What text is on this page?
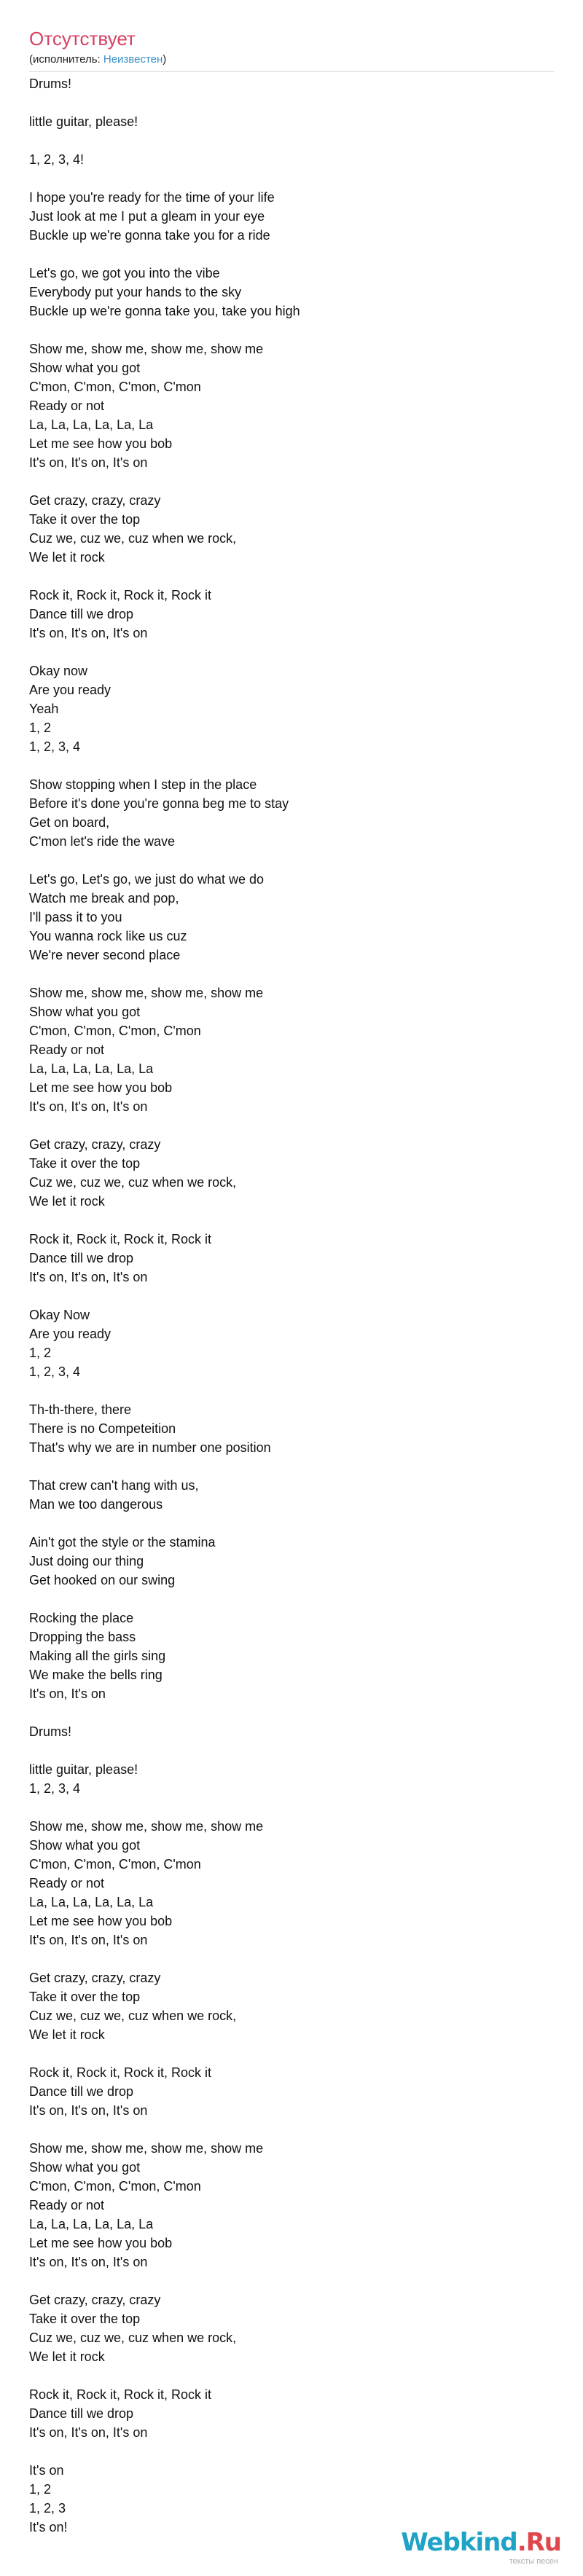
Отсутствует
(исполнитель: Неизвестен)
Drums!
little guitar, please!
1, 2, 3, 4!
I hope you're ready for the time of your life
Just look at me I put a gleam in your eye
Buckle up we're gonna take you for a ride
Let's go, we got you into the vibe
Everybody put your hands to the sky
Buckle up we're gonna take you, take you high
Show me, show me, show me, show me
Show what you got
C'mon, C'mon, C'mon, C'mon
Ready or not
La, La, La, La, La, La
Let me see how you bob
It's on, It's on, It's on
Get crazy, crazy, crazy
Take it over the top
Cuz we, cuz we, cuz when we rock,
We let it rock
Rock it, Rock it, Rock it, Rock it
Dance till we drop
It's on, It's on, It's on
Okay now
Are you ready
Yeah
1, 2
1, 2, 3, 4
Show stopping when I step in the place
Before it's done you're gonna beg me to stay
Get on board,
C'mon let's ride the wave
Let's go, Let's go, we just do what we do
Watch me break and pop,
I'll pass it to you
You wanna rock like us cuz
We're never second place
Show me, show me, show me, show me
Show what you got
C'mon, C'mon, C'mon, C'mon
Ready or not
La, La, La, La, La, La
Let me see how you bob
It's on, It's on, It's on
Get crazy, crazy, crazy
Take it over the top
Cuz we, cuz we, cuz when we rock,
We let it rock
Rock it, Rock it, Rock it, Rock it
Dance till we drop
It's on, It's on, It's on
Okay Now
Are you ready
1, 2
1, 2, 3, 4
Th-th-there, there
There is no Competeition
That's why we are in number one position
That crew can't hang with us,
Man we too dangerous
Ain't got the style or the stamina
Just doing our thing
Get hooked on our swing
Rocking the place
Dropping the bass
Making all the girls sing
We make the bells ring
It's on, It's on
Drums!
little guitar, please!
1, 2, 3, 4
Show me, show me, show me, show me
Show what you got
C'mon, C'mon, C'mon, C'mon
Ready or not
La, La, La, La, La, La
Let me see how you bob
It's on, It's on, It's on
Get crazy, crazy, crazy
Take it over the top
Cuz we, cuz we, cuz when we rock,
We let it rock
Rock it, Rock it, Rock it, Rock it
Dance till we drop
It's on, It's on, It's on
Show me, show me, show me, show me
Show what you got
C'mon, C'mon, C'mon, C'mon
Ready or not
La, La, La, La, La, La
Let me see how you bob
It's on, It's on, It's on
Get crazy, crazy, crazy
Take it over the top
Cuz we, cuz we, cuz when we rock,
We let it rock
Rock it, Rock it, Rock it, Rock it
Dance till we drop
It's on, It's on, It's on
It's on
1, 2
1, 2, 3
It's on!
Webkind.Ru
тексты песен
